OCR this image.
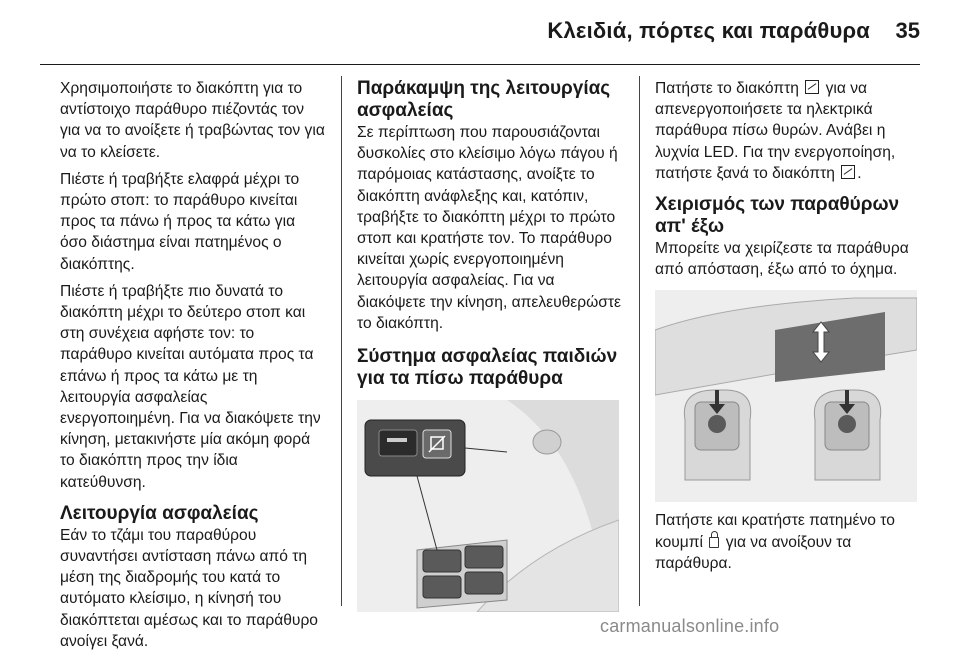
Κλειδιά, πόρτες και παράθυρα 35

Χρησιμοποιήστε το διακόπτη για το αντίστοιχο παράθυρο πιέζοντάς τον για να το ανοίξετε ή τραβώντας τον για να το κλείσετε.

Πιέστε ή τραβήξτε ελαφρά μέχρι το πρώτο στοπ: το παράθυρο κινείται προς τα πάνω ή προς τα κάτω για όσο διάστημα είναι πατημένος ο διακόπτης.

Πιέστε ή τραβήξτε πιο δυνατά το διακόπτη μέχρι το δεύτερο στοπ και στη συνέχεια αφήστε τον: το παράθυρο κινείται αυτόματα προς τα επάνω ή προς τα κάτω με τη λειτουργία ασφαλείας ενεργοποιημένη. Για να διακόψετε την κίνηση, μετακινήστε μία ακόμη φορά το διακόπτη προς την ίδια κατεύθυνση.

Λειτουργία ασφαλείας

Εάν το τζάμι του παραθύρου συναντήσει αντίσταση πάνω από τη μέση της διαδρομής του κατά το αυτόματο κλείσιμο, η κίνησή του διακόπτεται αμέσως και το παράθυρο ανοίγει ξανά.

Παράκαμψη της λειτουργίας ασφαλείας

Σε περίπτωση που παρουσιάζονται δυσκολίες στο κλείσιμο λόγω πάγου ή παρόμοιας κατάστασης, ανοίξτε το διακόπτη ανάφλεξης και, κατόπιν, τραβήξτε το διακόπτη μέχρι το πρώτο στοπ και κρατήστε τον. Το παράθυρο κινείται χωρίς ενεργοποιημένη λειτουργία ασφαλείας. Για να διακόψετε την κίνηση, απελευθερώστε το διακόπτη.

Σύστημα ασφαλείας παιδιών για τα πίσω παράθυρα

Πατήστε το διακόπτη για να απενεργοποιήσετε τα ηλεκτρικά παράθυρα πίσω θυρών. Ανάβει η λυχνία LED. Για την ενεργοποίηση, πατήστε ξανά το διακόπτη .

Χειρισμός των παραθύρων απ' έξω

Μπορείτε να χειρίζεστε τα παράθυρα από απόσταση, έξω από το όχημα.

Πατήστε και κρατήστε πατημένο το κουμπί για να ανοίξουν τα παράθυρα.

carmanualsonline.info
